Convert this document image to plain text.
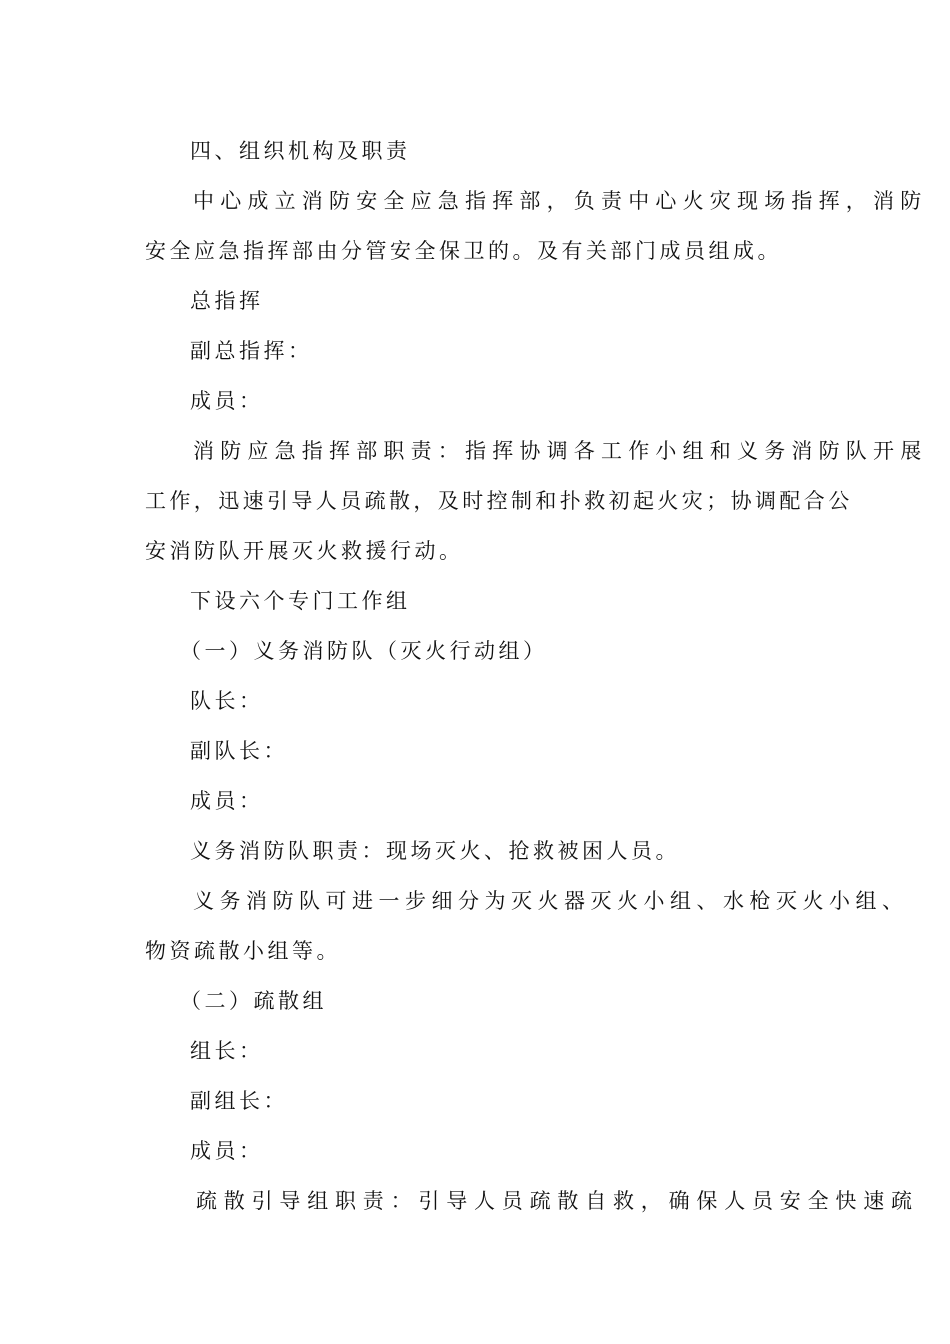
四、组织机构及职责
中心成立消防安全应急指挥部，负责中心火灾现场指挥，消防
安全应急指挥部由分管安全保卫的。及有关部门成员组成。
总指挥
副总指挥：
成员：
消防应急指挥部职责：指挥协调各工作小组和义务消防队开展
工作，迅速引导人员疏散，及时控制和扑救初起火灾；协调配合公
安消防队开展灭火救援行动。
下设六个专门工作组
（一）义务消防队（灭火行动组）
队长：
副队长：
成员：
义务消防队职责：现场灭火、抢救被困人员。
义务消防队可进一步细分为灭火器灭火小组、水枪灭火小组、
物资疏散小组等。
（二）疏散组
组长：
副组长：
成员：
疏散引导组职责：引导人员疏散自救，确保人员安全快速疏
